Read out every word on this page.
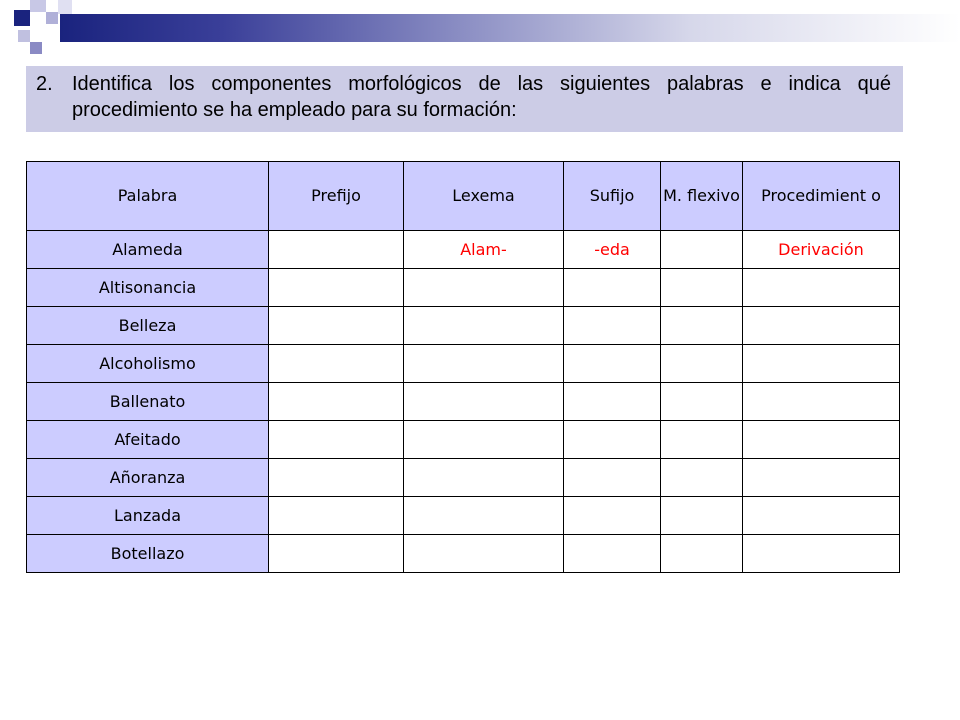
2. Identifica los componentes morfológicos de las siguientes palabras e indica qué procedimiento se ha empleado para su formación:
Palabra	Prefijo	Lexema	Sufijo	M. flexivo	Procedimient o
Alameda		Alam-	-eda		Derivación
Altisonancia					
Belleza					
Alcoholismo					
Ballenato					
Afeitado					
Añoranza					
Lanzada					
Botellazo					
